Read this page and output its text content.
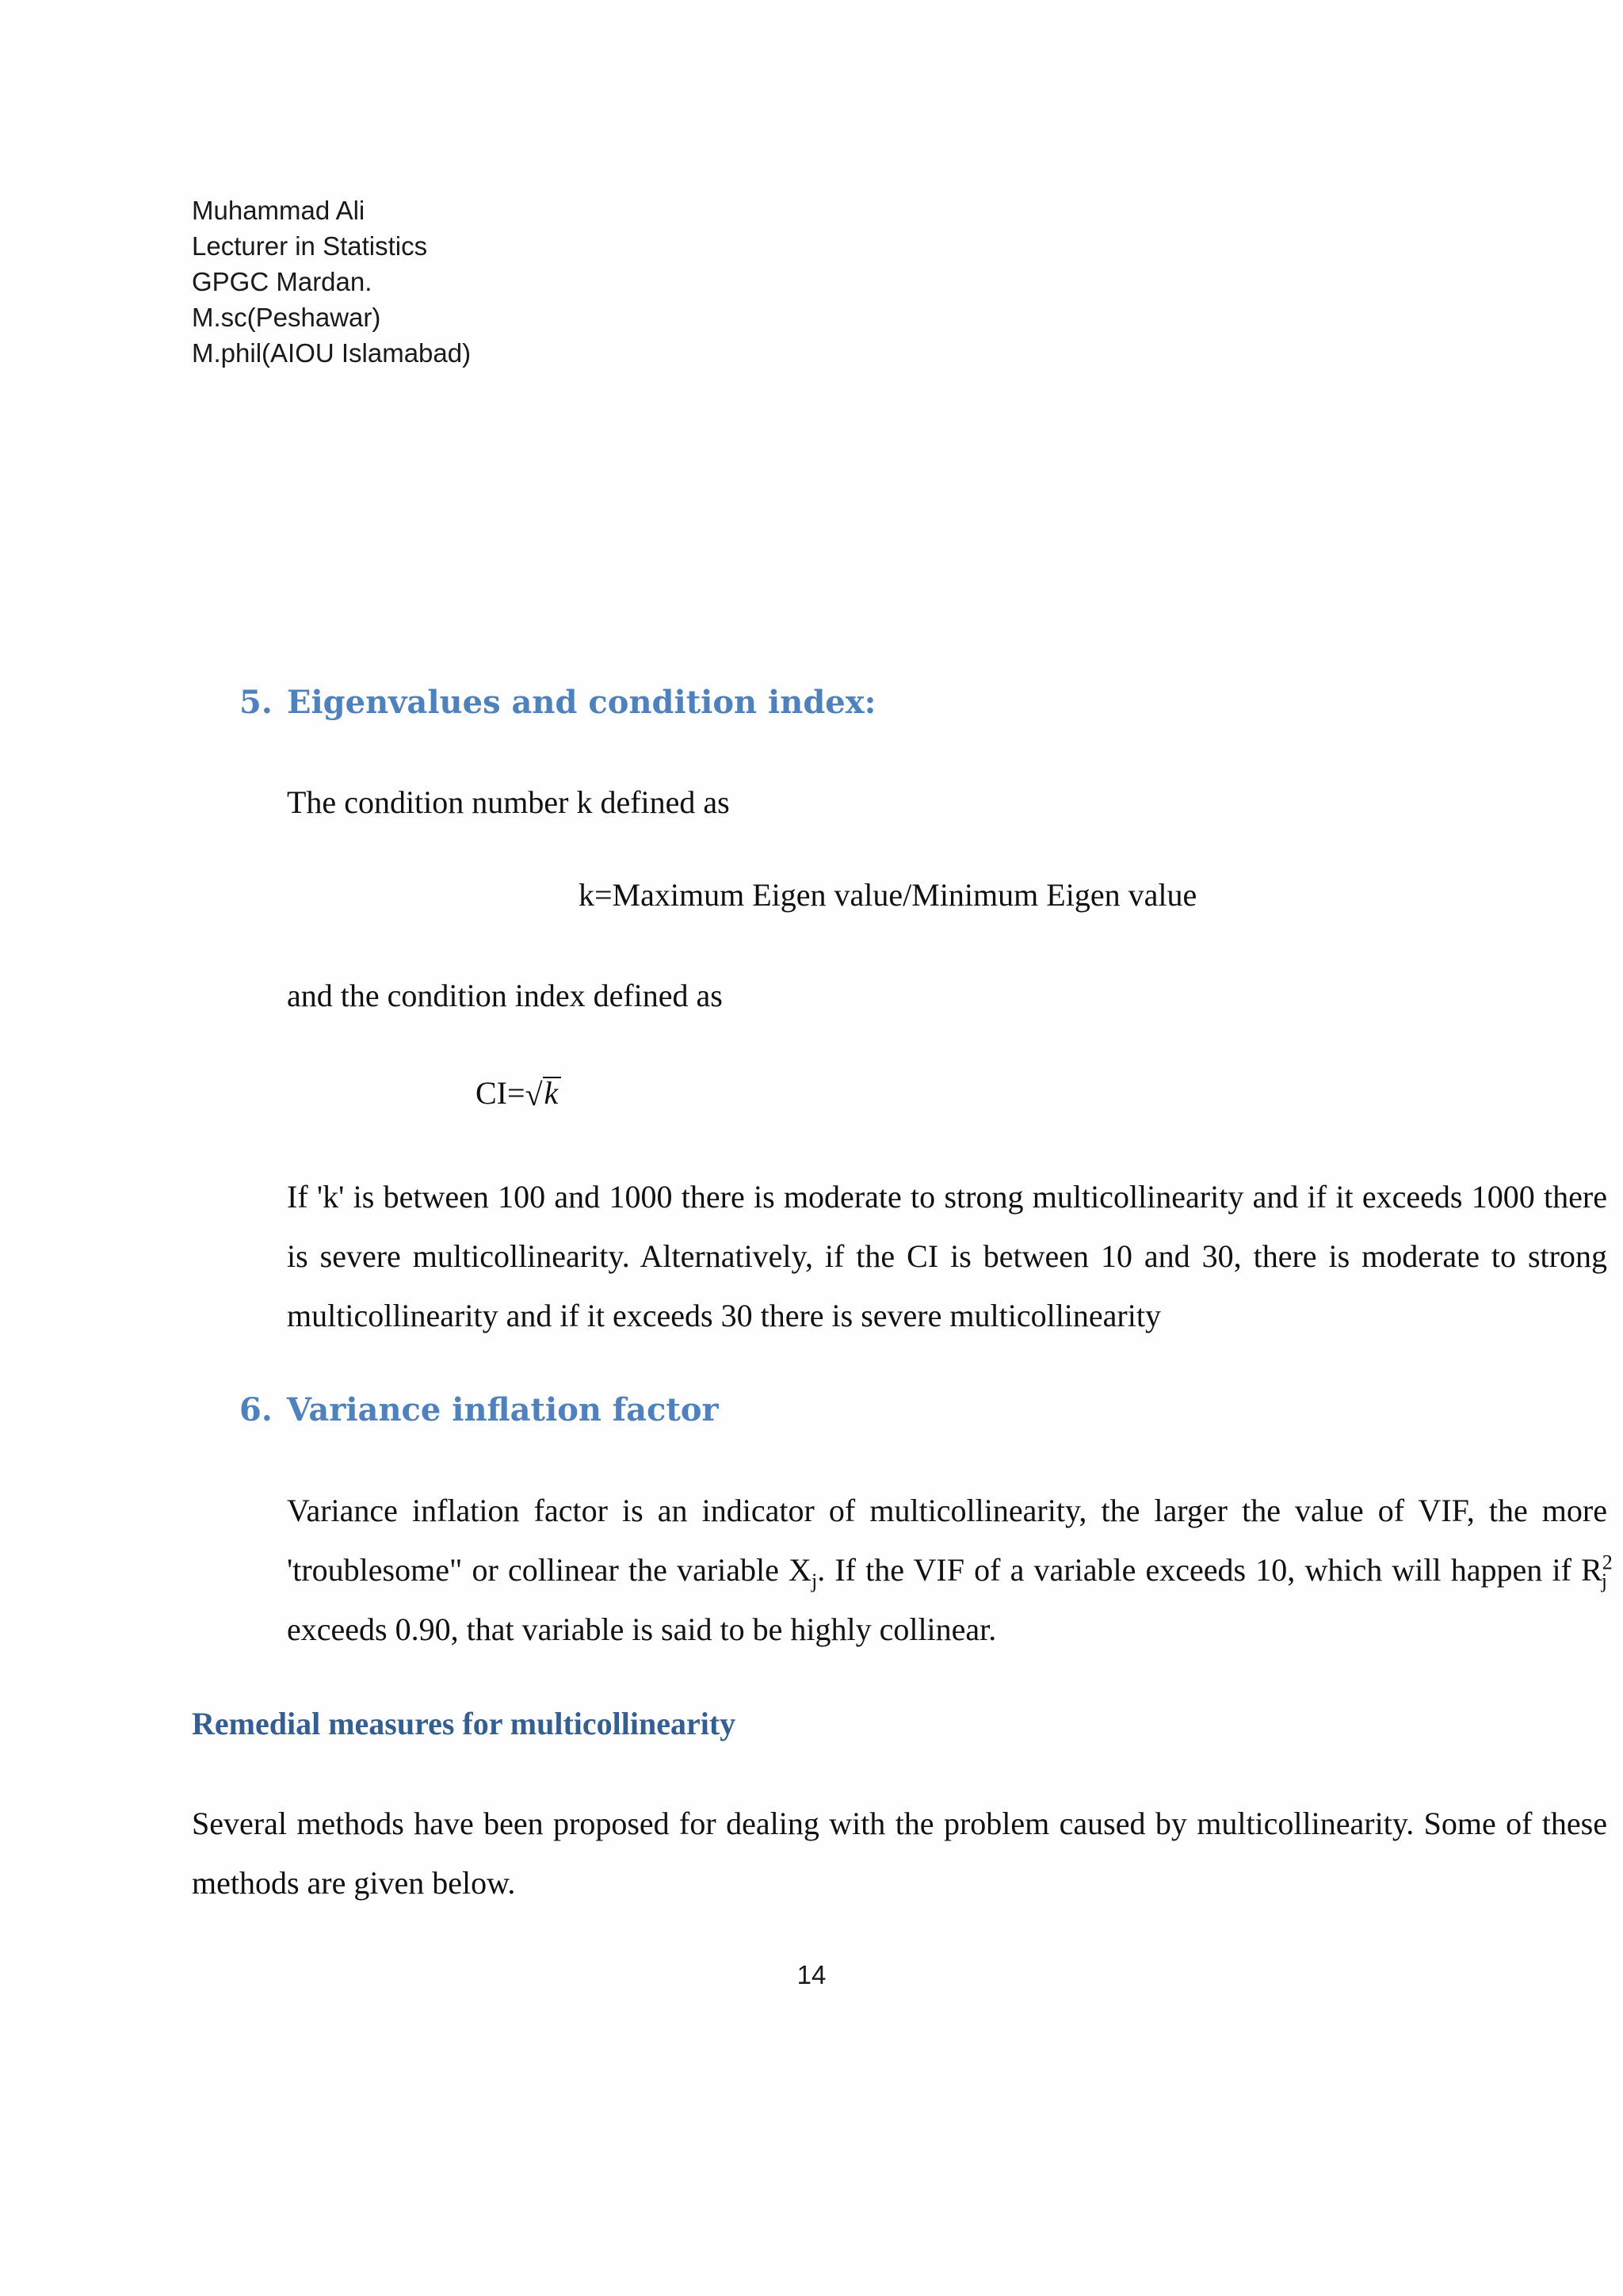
Muhammad Ali
Lecturer in Statistics
GPGC Mardan.
M.sc(Peshawar)
M.phil(AIOU Islamabad)
5. Eigenvalues and condition index:
The condition number k defined as
k=Maximum Eigen value/Minimum Eigen value
and the condition index defined as
CI=√k
If 'k' is between 100 and 1000 there is moderate to strong multicollinearity and if it exceeds 1000 there is severe multicollinearity. Alternatively, if the CI is between 10 and 30, there is moderate to strong multicollinearity and if it exceeds 30 there is severe multicollinearity
6. Variance inflation factor
Variance inflation factor is an indicator of multicollinearity, the larger the value of VIF, the more 'troublesome" or collinear the variable $X_j$. If the VIF of a variable exceeds 10, which will happen if $R^2_j$ exceeds 0.90, that variable is said to be highly collinear.
Remedial measures for multicollinearity
Several methods have been proposed for dealing with the problem caused by multicollinearity. Some of these methods are given below.
14
